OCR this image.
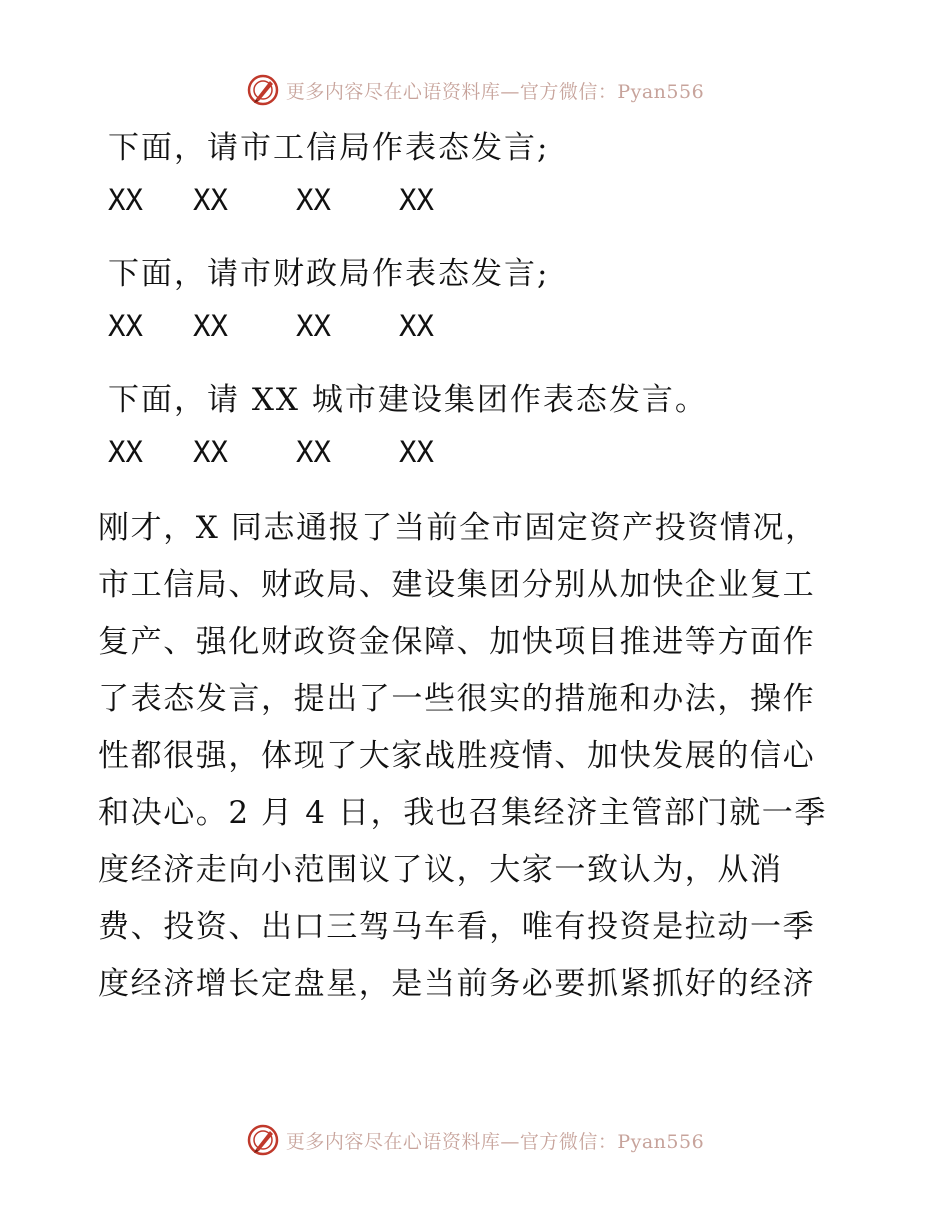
更多内容尽在心语资料库—官方微信：Pyan556
下面，请市工信局作表态发言;
XX	XX	XX	XX
下面，请市财政局作表态发言;
XX	XX	XX	XX
下面，请 XX 城市建设集团作表态发言。
XX	XX	XX	XX
刚才，X 同志通报了当前全市固定资产投资情况，
市工信局、财政局、建设集团分别从加快企业复工
复产、强化财政资金保障、加快项目推进等方面作
了表态发言，提出了一些很实的措施和办法，操作
性都很强，体现了大家战胜疫情、加快发展的信心
和决心。2 月 4 日，我也召集经济主管部门就一季
度经济走向小范围议了议，大家一致认为，从消
费、投资、出口三驾马车看，唯有投资是拉动一季
度经济增长定盘星，是当前务必要抓紧抓好的经济
更多内容尽在心语资料库—官方微信：Pyan556
